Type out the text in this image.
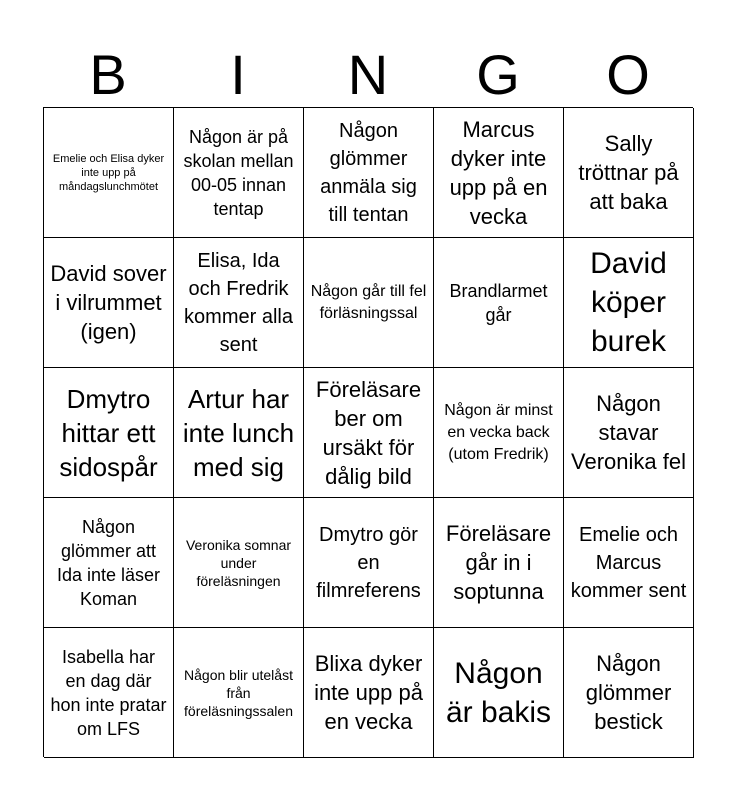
B	I	N	G	O
Emelie och Elisa dyker inte upp på måndagslunchmötet
Någon är på skolan mellan 00-05 innan tentap
Någon glömmer anmäla sig till tentan
Marcus dyker inte upp på en vecka
Sally tröttnar på att baka
David sover i vilrummet (igen)
Elisa, Ida och Fredrik kommer alla sent
Någon går till fel förläsningssal
Brandlarmet går
David köper burek
Dmytro hittar ett sidospår
Artur har inte lunch med sig
Föreläsare ber om ursäkt för dålig bild
Någon är minst en vecka back (utom Fredrik)
Någon stavar Veronika fel
Någon glömmer att Ida inte läser Koman
Veronika somnar under föreläsningen
Dmytro gör en filmreferens
Föreläsare går in i soptunna
Emelie och Marcus kommer sent
Isabella har en dag där hon inte pratar om LFS
Någon blir utelåst från föreläsningssalen
Blixa dyker inte upp på en vecka
Någon är bakis
Någon glömmer bestick
